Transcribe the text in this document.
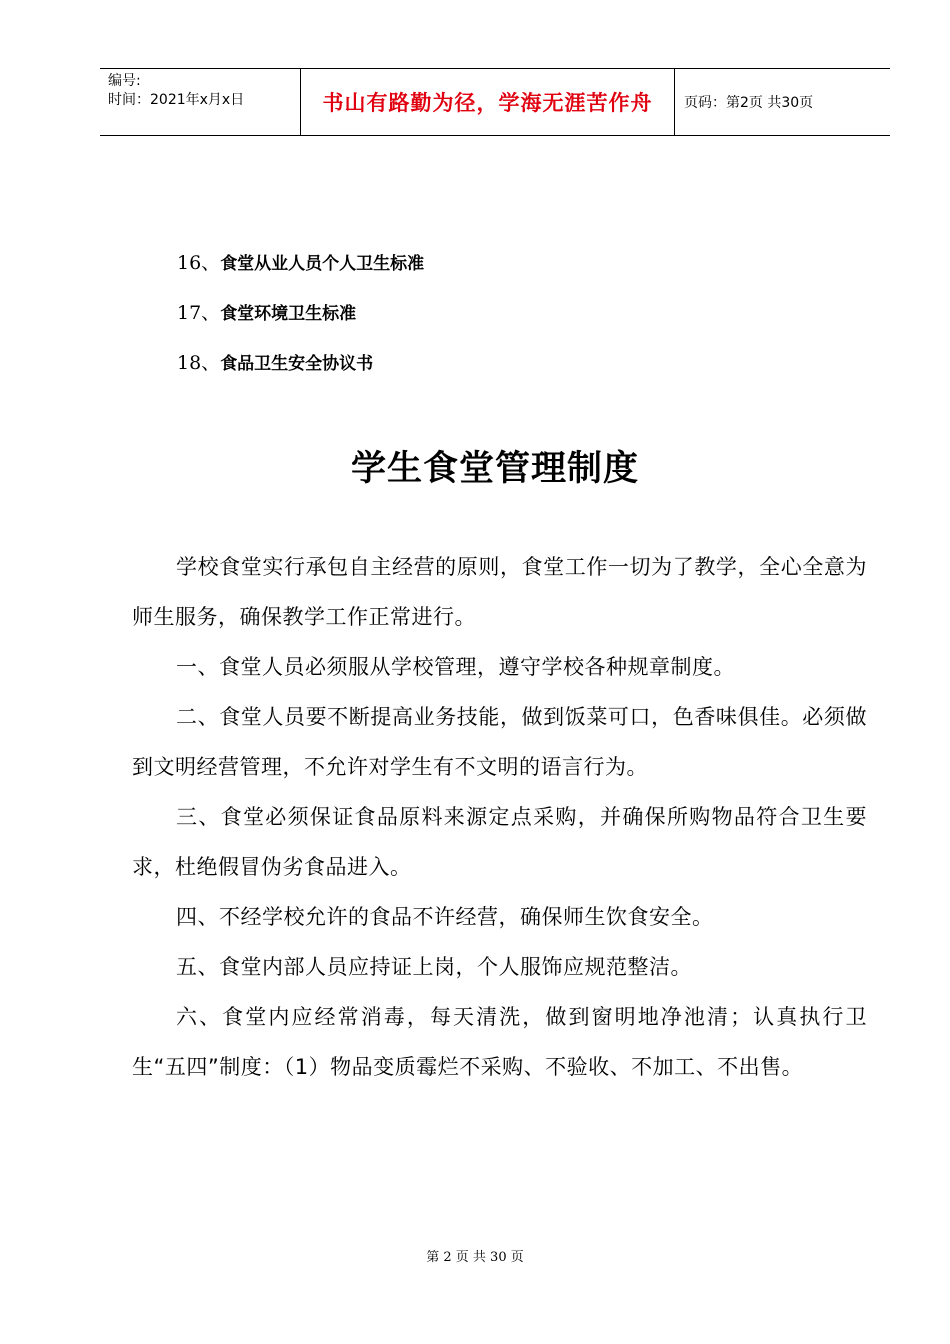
编号:
时间：2021年x月x日	书山有路勤为径，学海无涯苦作舟	页码：第2页 共30页
16、食堂从业人员个人卫生标准
17、食堂环境卫生标准
18、食品卫生安全协议书
学生食堂管理制度

学校食堂实行承包自主经营的原则，食堂工作一切为了教学，全心全意为师生服务，确保教学工作正常进行。

一、食堂人员必须服从学校管理，遵守学校各种规章制度。

二、食堂人员要不断提高业务技能，做到饭菜可口，色香味俱佳。必须做到文明经营管理，不允许对学生有不文明的语言行为。

三、食堂必须保证食品原料来源定点采购，并确保所购物品符合卫生要求，杜绝假冒伪劣食品进入。

四、不经学校允许的食品不许经营，确保师生饮食安全。

五、食堂内部人员应持证上岗，个人服饰应规范整洁。

六、食堂内应经常消毒，每天清洗，做到窗明地净池清；认真执行卫生“五四”制度：（1）物品变质霉烂不采购、不验收、不加工、不出售。

第 2 页 共 30 页
